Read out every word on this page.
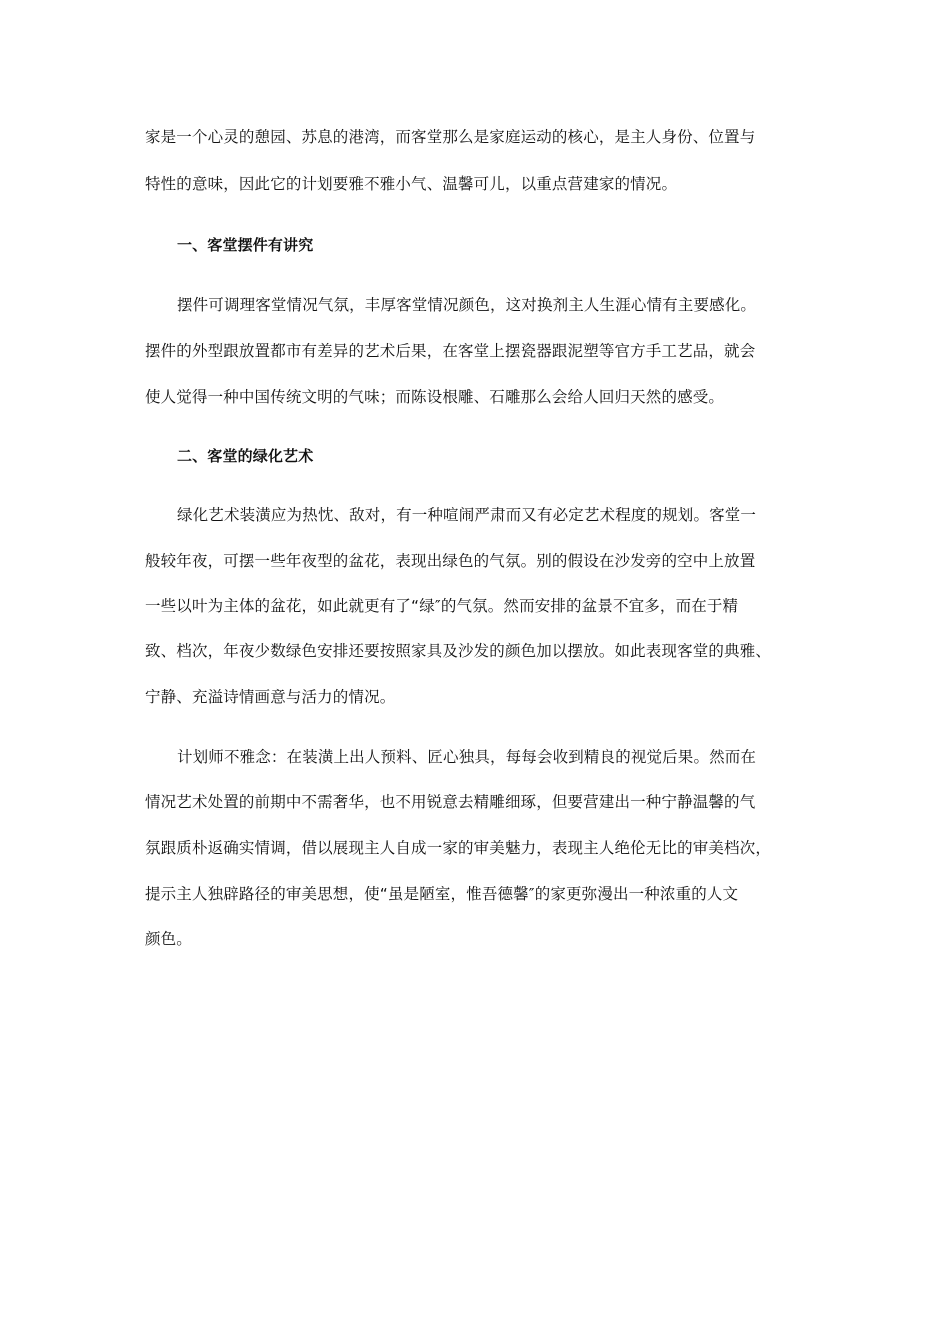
家是一个心灵的憩园、苏息的港湾，而客堂那么是家庭运动的核心，是主人身份、位置与
特性的意味，因此它的计划要雅不雅小气、温馨可儿，以重点营建家的情况。
一、客堂摆件有讲究
摆件可调理客堂情况气氛，丰厚客堂情况颜色，这对换剂主人生涯心情有主要感化。
摆件的外型跟放置都市有差异的艺术后果，在客堂上摆瓷器跟泥塑等官方手工艺品，就会
使人觉得一种中国传统文明的气味；而陈设根雕、石雕那么会给人回归天然的感受。
二、客堂的绿化艺术
绿化艺术装潢应为热忱、敌对，有一种喧闹严肃而又有必定艺术程度的规划。客堂一
般较年夜，可摆一些年夜型的盆花，表现出绿色的气氛。别的假设在沙发旁的空中上放置
一些以叶为主体的盆花，如此就更有了“绿″的气氛。然而安排的盆景不宜多，而在于精
致、档次，年夜少数绿色安排还要按照家具及沙发的颜色加以摆放。如此表现客堂的典雅、
宁静、充溢诗情画意与活力的情况。
计划师不雅念：在装潢上出人预料、匠心独具，每每会收到精良的视觉后果。然而在
情况艺术处置的前期中不需奢华，也不用锐意去精雕细琢，但要营建出一种宁静温馨的气
氛跟质朴返确实情调，借以展现主人自成一家的审美魅力，表现主人绝伦无比的审美档次，
提示主人独辟路径的审美思想，使“虽是陋室，惟吾德馨″的家更弥漫出一种浓重的人文
颜色。
